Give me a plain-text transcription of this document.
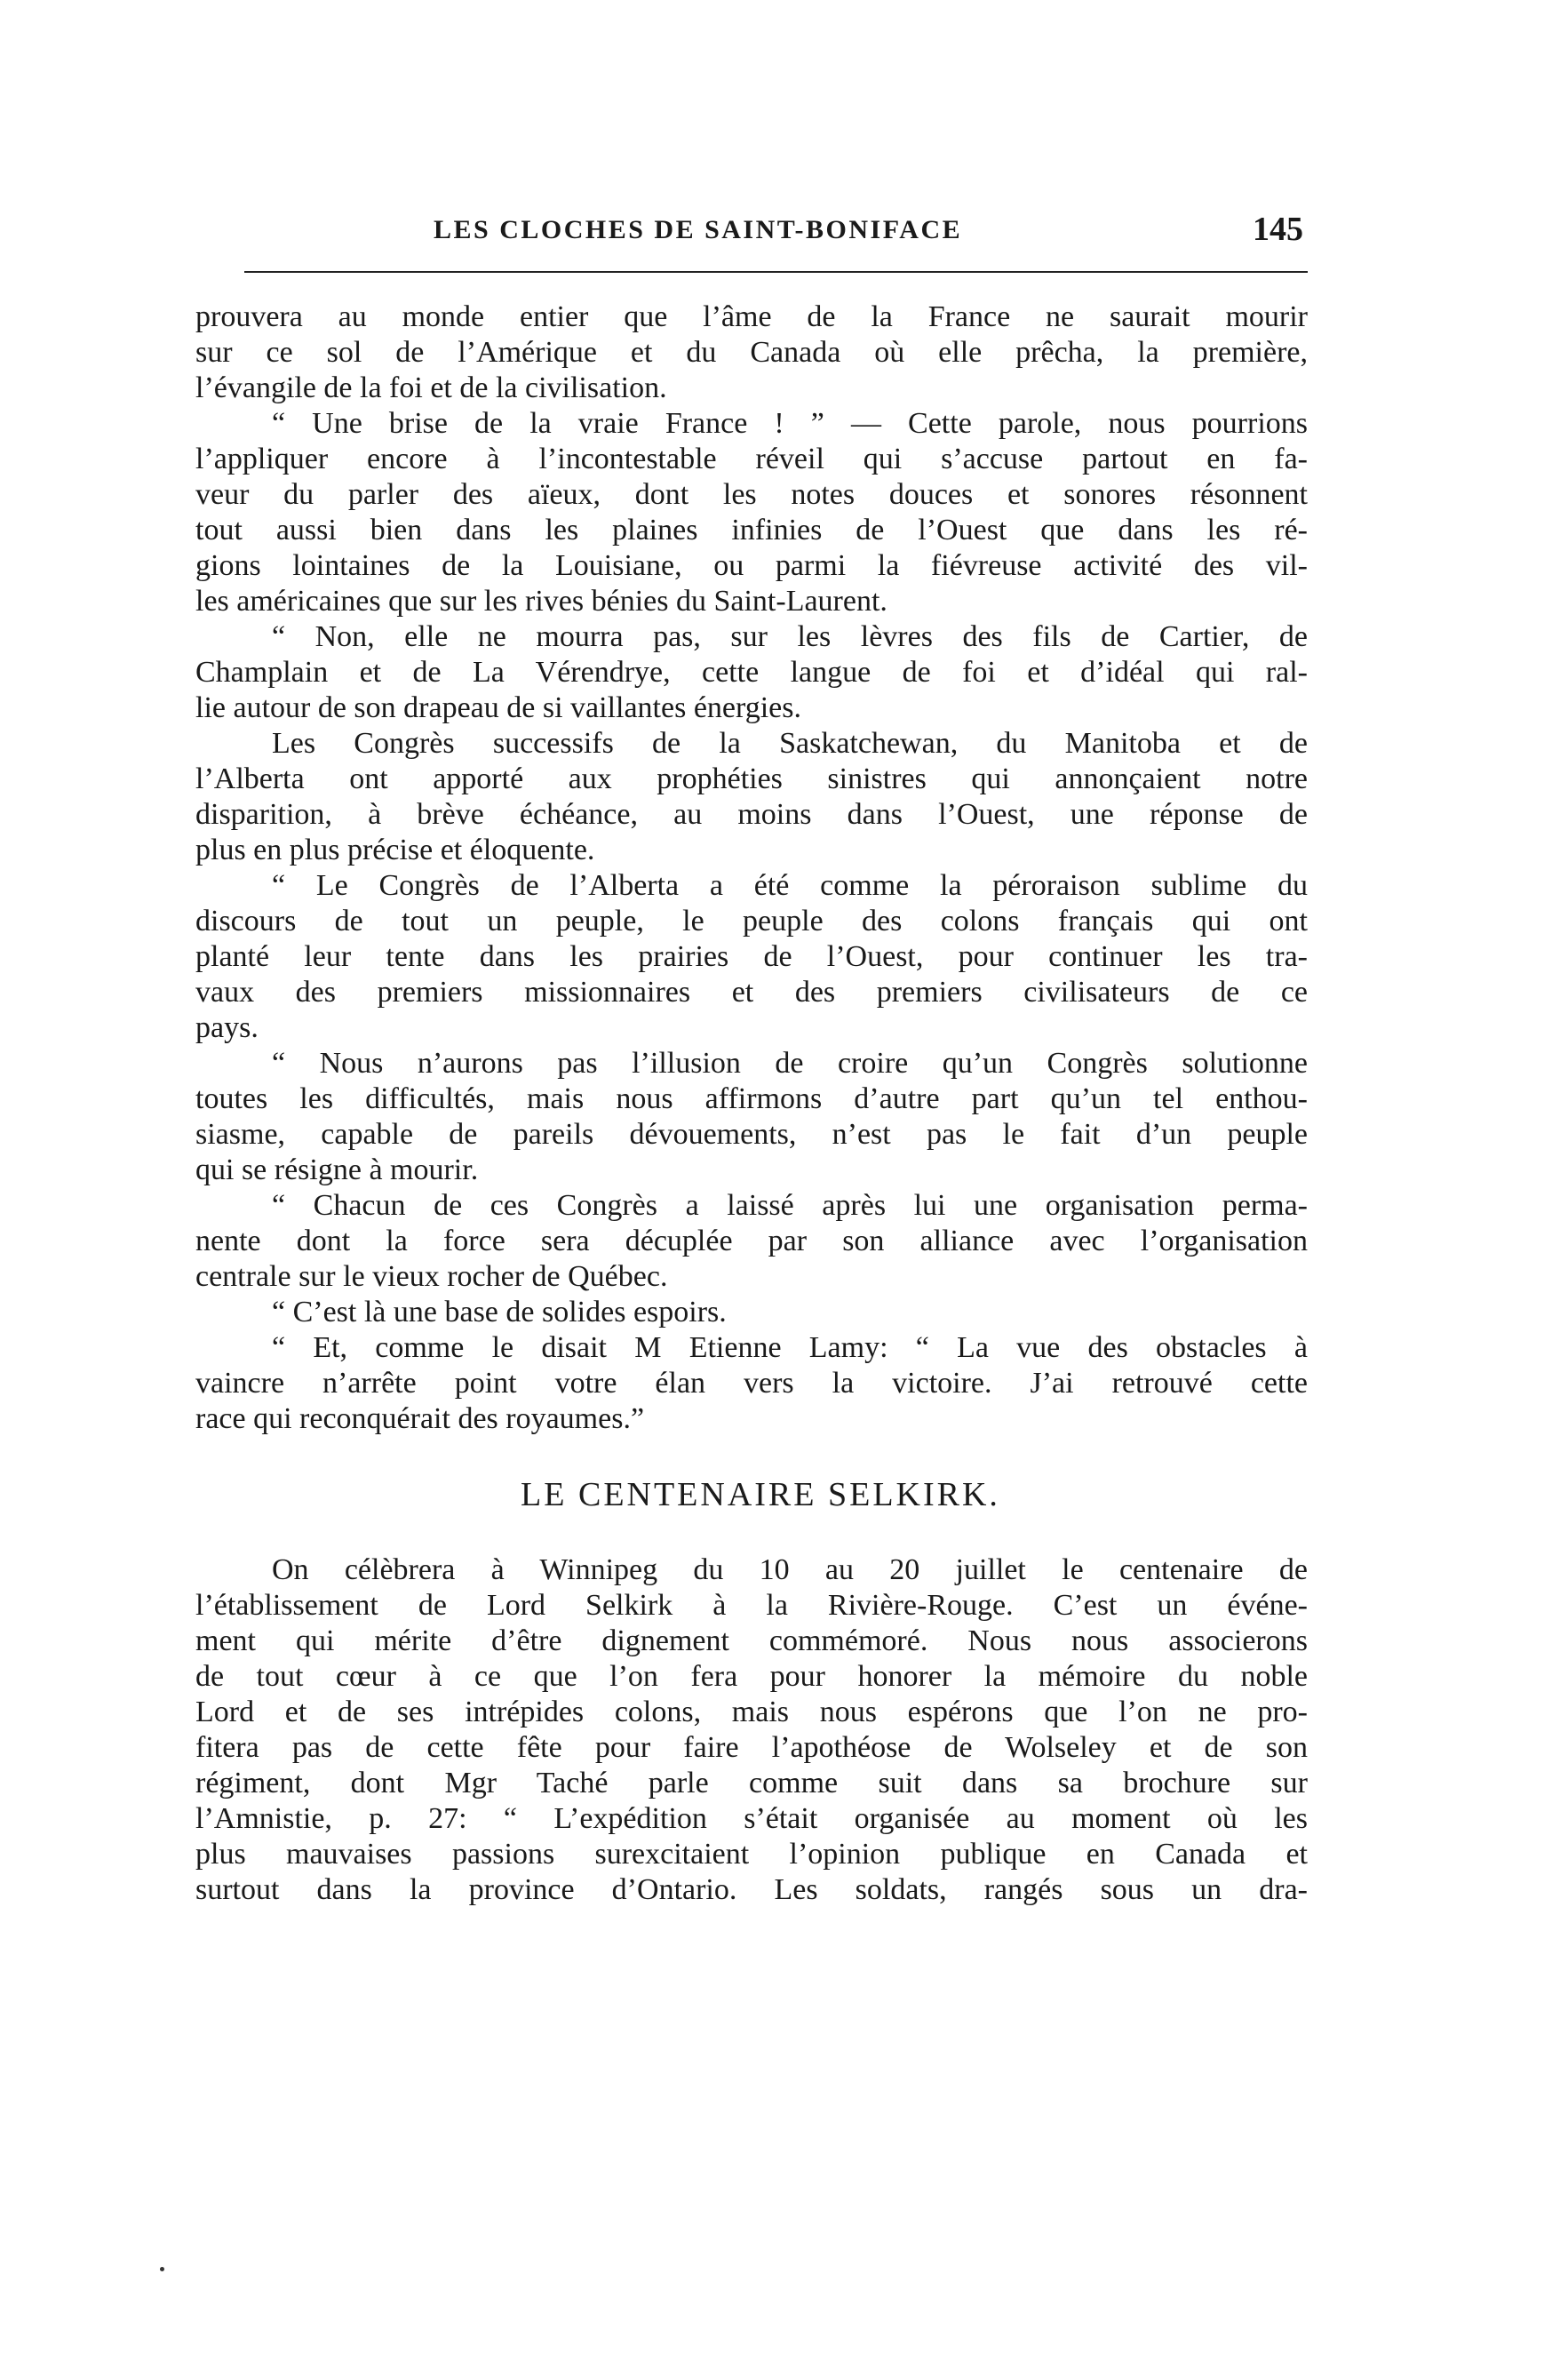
LES CLOCHES DE SAINT-BONIFACE	145
prouvera au monde entier que l’âme de la France ne saurait mourir
sur ce sol de l’Amérique et du Canada où elle prêcha, la première,
l’évangile de la foi et de la civilisation.
“ Une brise de la vraie France ! ” — Cette parole, nous pourrions
l’appliquer encore à l’incontestable réveil qui s’accuse partout en fa-
veur du parler des aïeux, dont les notes douces et sonores résonnent
tout aussi bien dans les plaines infinies de l’Ouest que dans les ré-
gions lointaines de la Louisiane, ou parmi la fiévreuse activité des vil-
les américaines que sur les rives bénies du Saint-Laurent.
“ Non, elle ne mourra pas, sur les lèvres des fils de Cartier, de
Champlain et de La Vérendrye, cette langue de foi et d’idéal qui ral-
lie autour de son drapeau de si vaillantes énergies.
Les Congrès successifs de la Saskatchewan, du Manitoba et de
l’Alberta ont apporté aux prophéties sinistres qui annonçaient notre
disparition, à brève échéance, au moins dans l’Ouest, une réponse de
plus en plus précise et éloquente.
“ Le Congrès de l’Alberta a été comme la péroraison sublime du
discours de tout un peuple, le peuple des colons français qui ont
planté leur tente dans les prairies de l’Ouest, pour continuer les tra-
vaux des premiers missionnaires et des premiers civilisateurs de ce
pays.
“ Nous n’aurons pas l’illusion de croire qu’un Congrès solutionne
toutes les difficultés, mais nous affirmons d’autre part qu’un tel enthou-
siasme, capable de pareils dévouements, n’est pas le fait d’un peuple
qui se résigne à mourir.
“ Chacun de ces Congrès a laissé après lui une organisation perma-
nente dont la force sera décuplée par son alliance avec l’organisation
centrale sur le vieux rocher de Québec.
“ C’est là une base de solides espoirs.
“ Et, comme le disait M Etienne Lamy: “ La vue des obstacles à
vaincre n’arrête point votre élan vers la victoire. J’ai retrouvé cette
race qui reconquérait des royaumes.”
LE CENTENAIRE SELKIRK.
On célèbrera à Winnipeg du 10 au 20 juillet le centenaire de
l’établissement de Lord Selkirk à la Rivière-Rouge. C’est un événe-
ment qui mérite d’être dignement commémoré. Nous nous associerons
de tout cœur à ce que l’on fera pour honorer la mémoire du noble
Lord et de ses intrépides colons, mais nous espérons que l’on ne pro-
fitera pas de cette fête pour faire l’apothéose de Wolseley et de son
régiment, dont Mgr Taché parle comme suit dans sa brochure sur
l’Amnistie, p. 27: “ L’expédition s’était organisée au moment où les
plus mauvaises passions surexcitaient l’opinion publique en Canada et
surtout dans la province d’Ontario. Les soldats, rangés sous un dra-
